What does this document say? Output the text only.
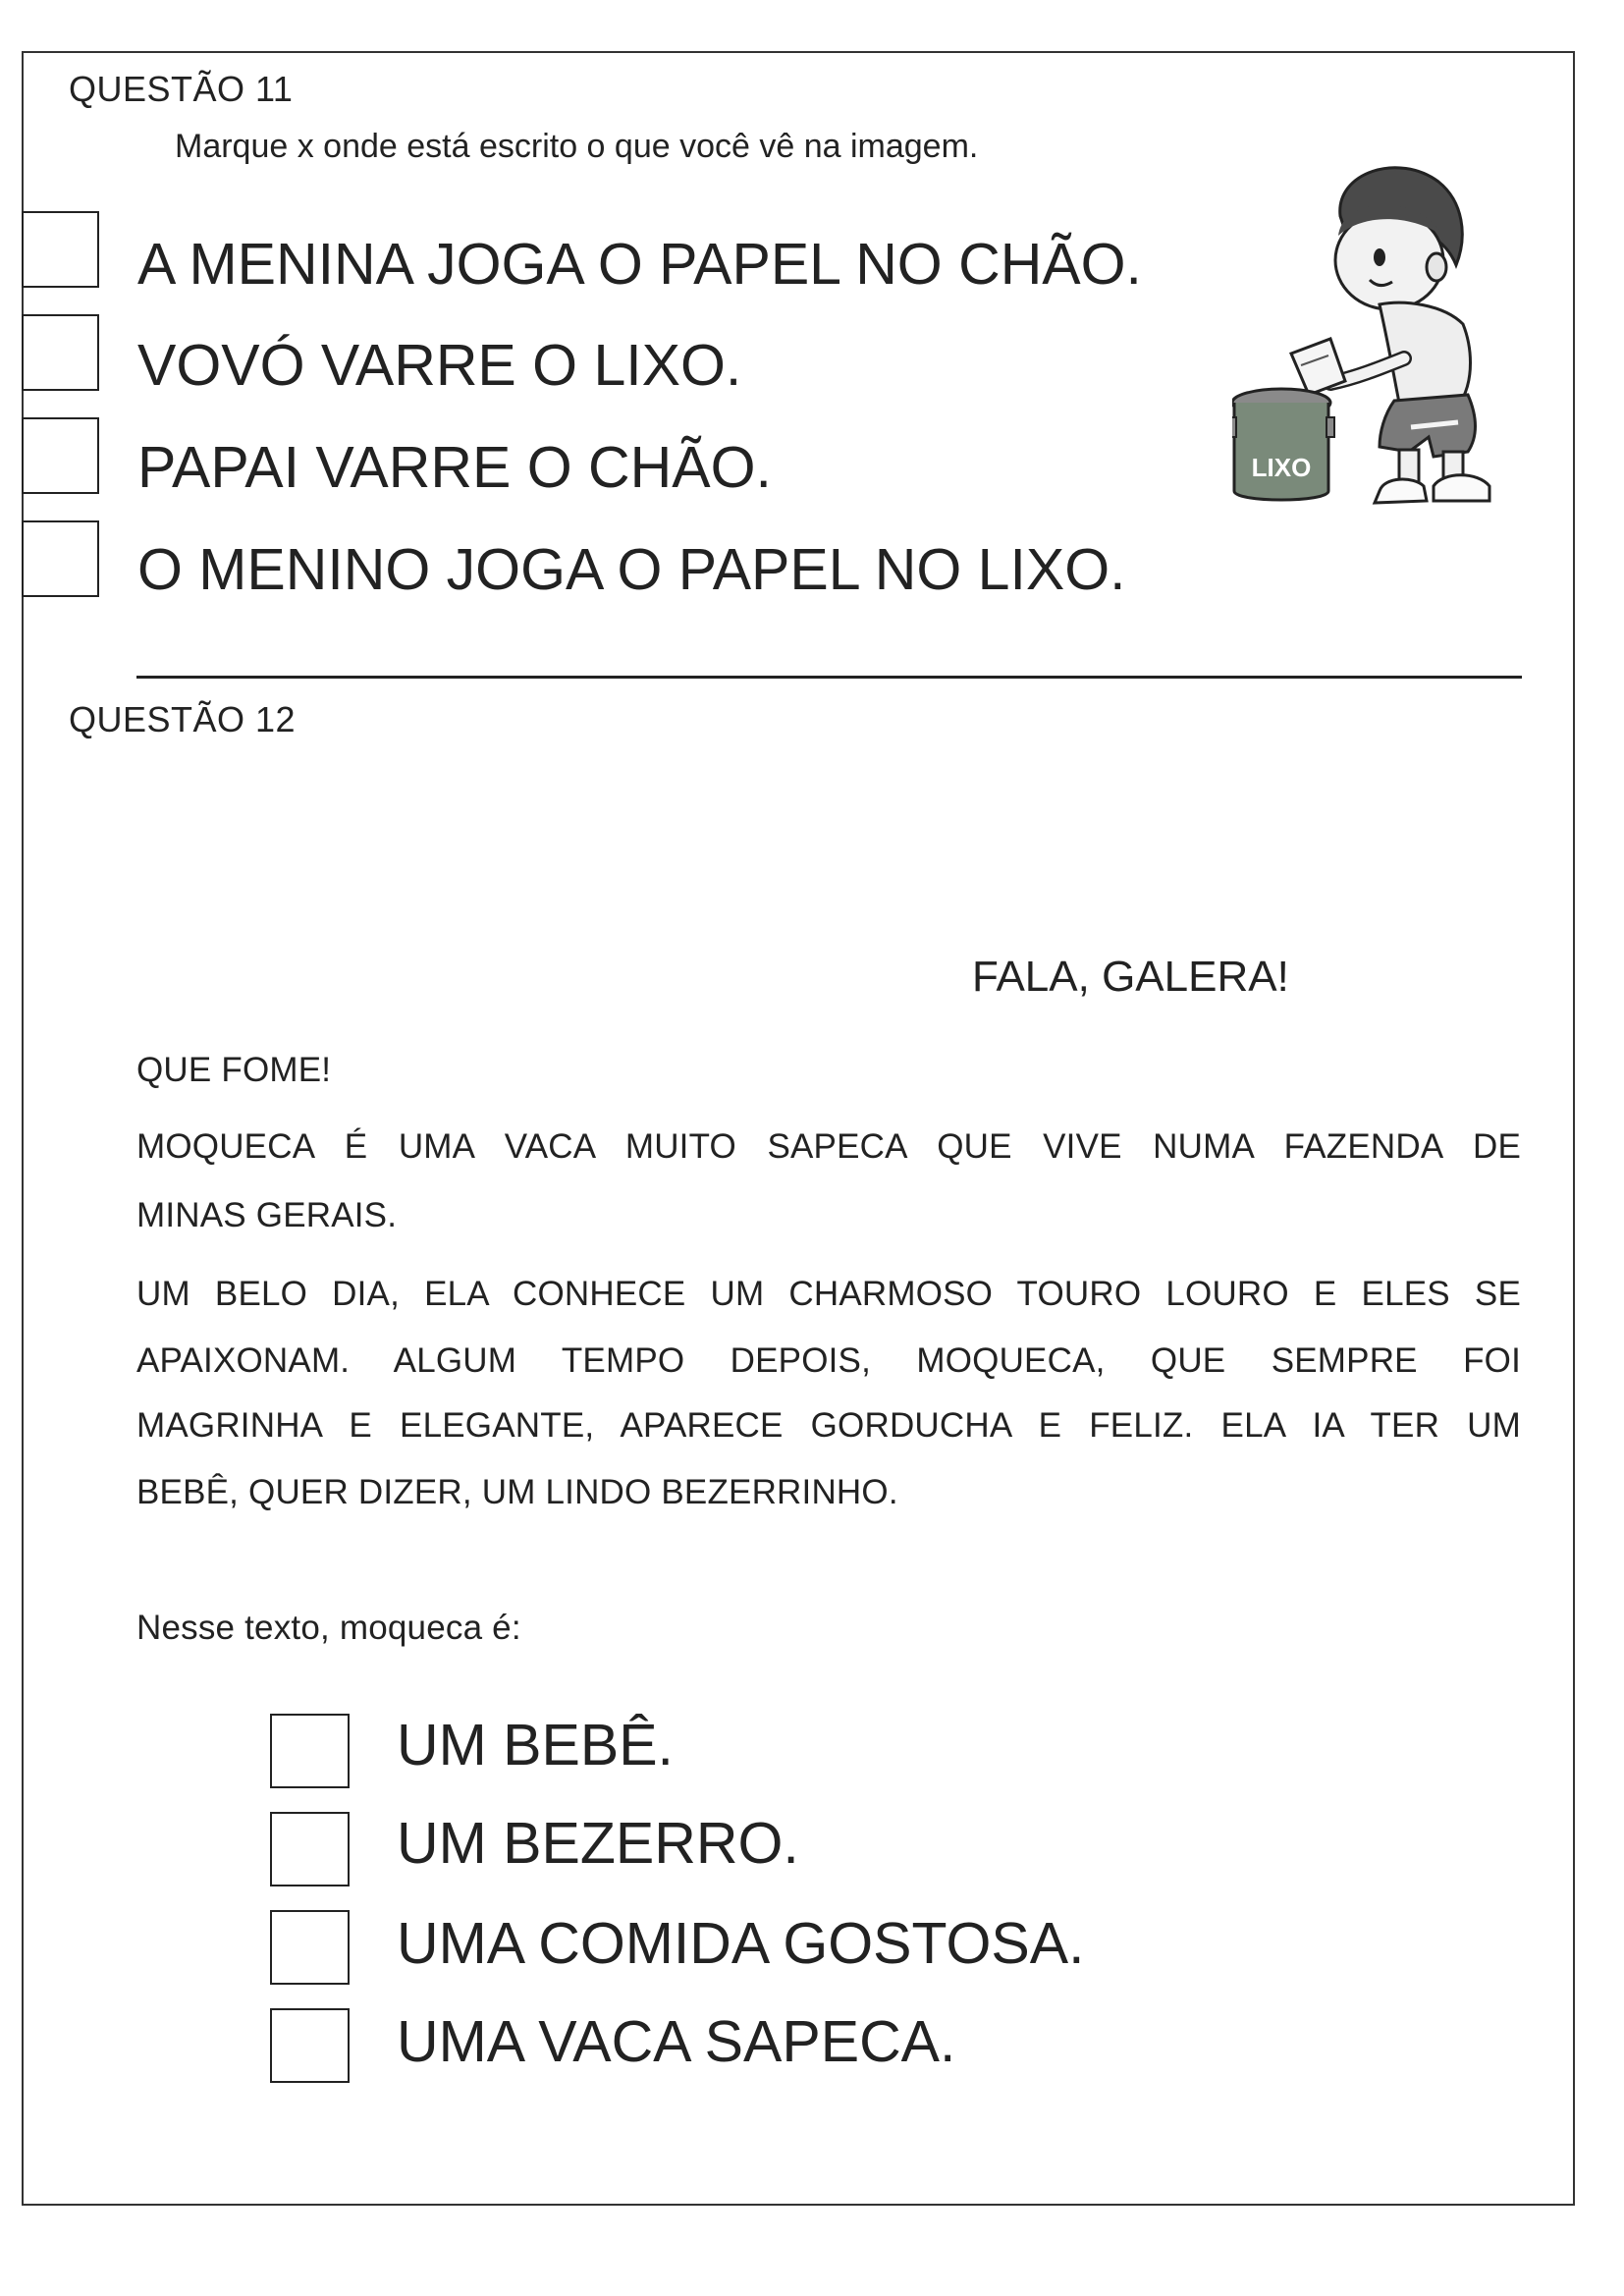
QUESTÃO 11
Marque x onde está escrito o que você vê na imagem.
A MENINA JOGA O PAPEL NO CHÃO.
VOVÓ VARRE O LIXO.
PAPAI VARRE O CHÃO.
O MENINO JOGA O PAPEL NO LIXO.
LIXO
QUESTÃO 12
FALA, GALERA!
QUE FOME!
MOQUECA É UMA VACA MUITO SAPECA QUE VIVE NUMA FAZENDA DE
MINAS GERAIS.
UM BELO DIA, ELA CONHECE UM CHARMOSO TOURO LOURO E ELES SE
APAIXONAM. ALGUM TEMPO DEPOIS, MOQUECA, QUE SEMPRE FOI
MAGRINHA E ELEGANTE, APARECE GORDUCHA E FELIZ. ELA IA TER UM
BEBÊ, QUER DIZER, UM LINDO BEZERRINHO.
Nesse texto, moqueca é:
UM BEBÊ.
UM BEZERRO.
UMA COMIDA GOSTOSA.
UMA VACA SAPECA.
